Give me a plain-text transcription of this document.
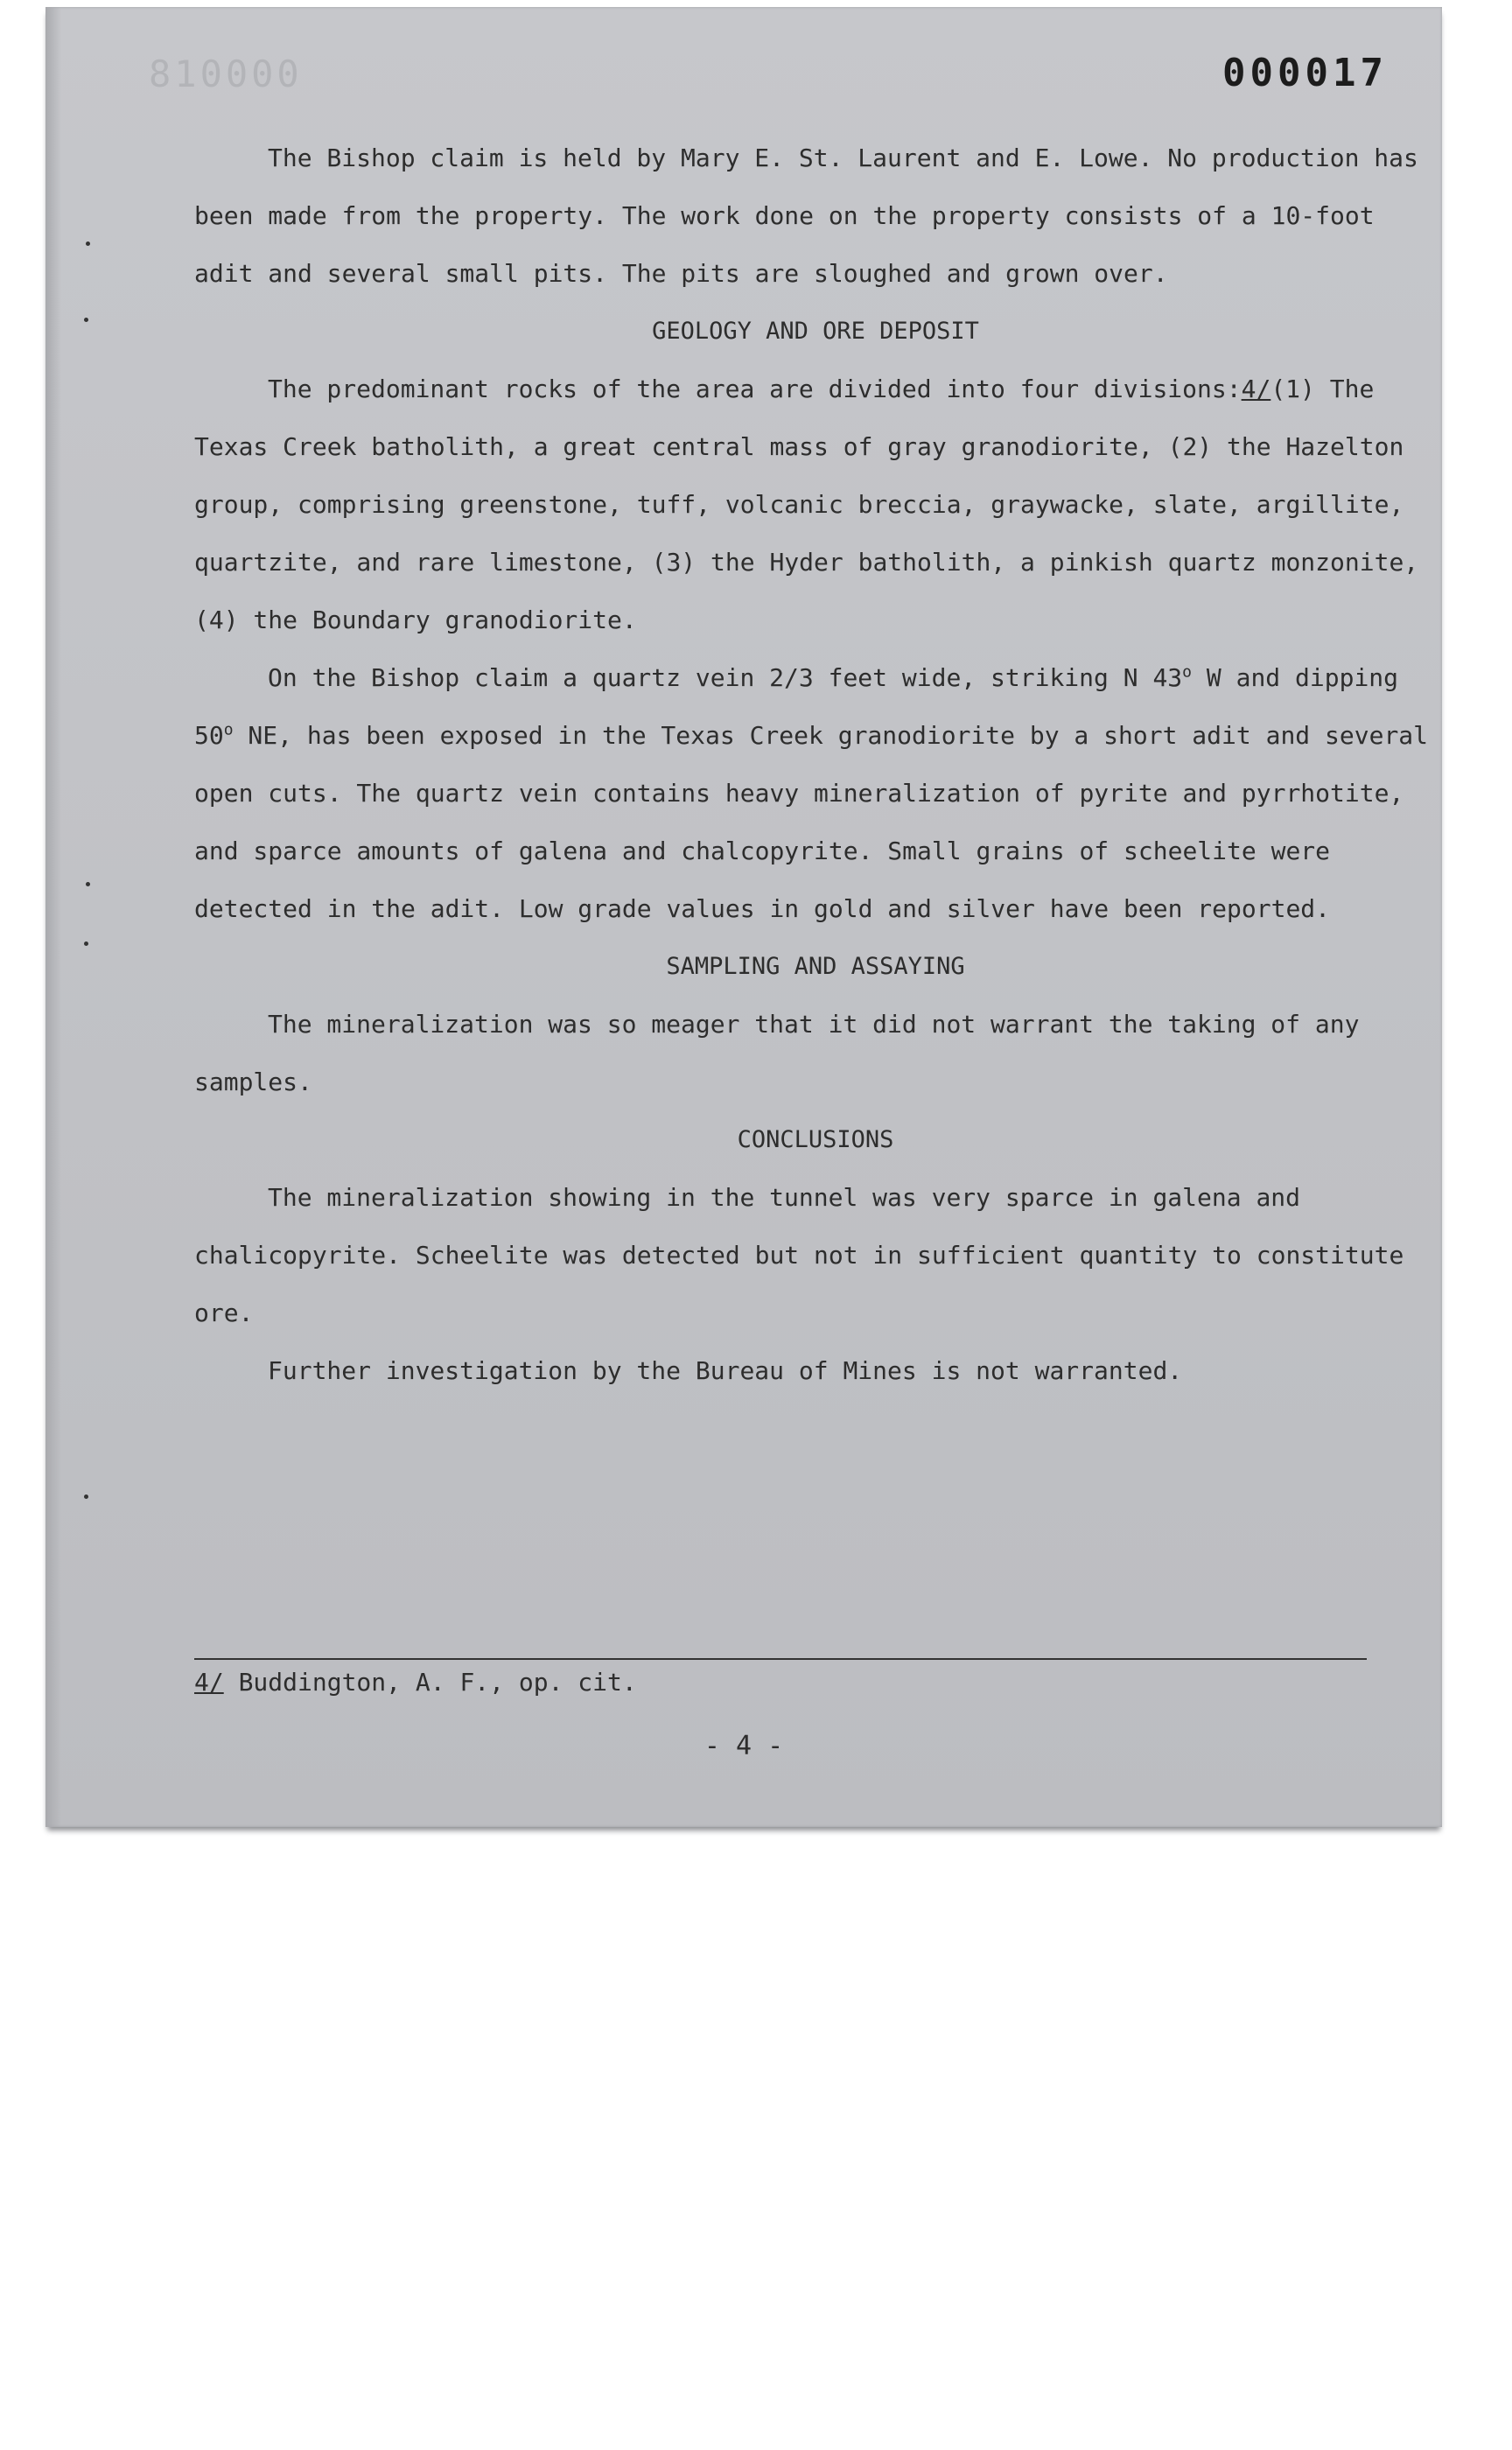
810000	000017

The Bishop claim is held by Mary E. St. Laurent and E. Lowe. No production has been made from the property. The work done on the property consists of a 10-foot adit and several small pits. The pits are sloughed and grown over.

GEOLOGY AND ORE DEPOSIT

The predominant rocks of the area are divided into four divisions:4/(1) The Texas Creek batholith, a great central mass of gray granodiorite, (2) the Hazelton group, comprising greenstone, tuff, volcanic breccia, graywacke, slate, argillite, quartzite, and rare limestone, (3) the Hyder batholith, a pinkish quartz monzonite, (4) the Boundary granodiorite.

On the Bishop claim a quartz vein 2/3 feet wide, striking N 43$^o$ W and dipping 50$^o$ NE, has been exposed in the Texas Creek granodiorite by a short adit and several open cuts. The quartz vein contains heavy mineralization of pyrite and pyrrhotite, and sparce amounts of galena and chalcopyrite. Small grains of scheelite were detected in the adit. Low grade values in gold and silver have been reported.

SAMPLING AND ASSAYING

The mineralization was so meager that it did not warrant the taking of any samples.

CONCLUSIONS

The mineralization showing in the tunnel was very sparce in galena and chalicopyrite. Scheelite was detected but not in sufficient quantity to constitute ore.

Further investigation by the Bureau of Mines is not warranted.

4/ Buddington, A. F., op. cit.
- 4 -
